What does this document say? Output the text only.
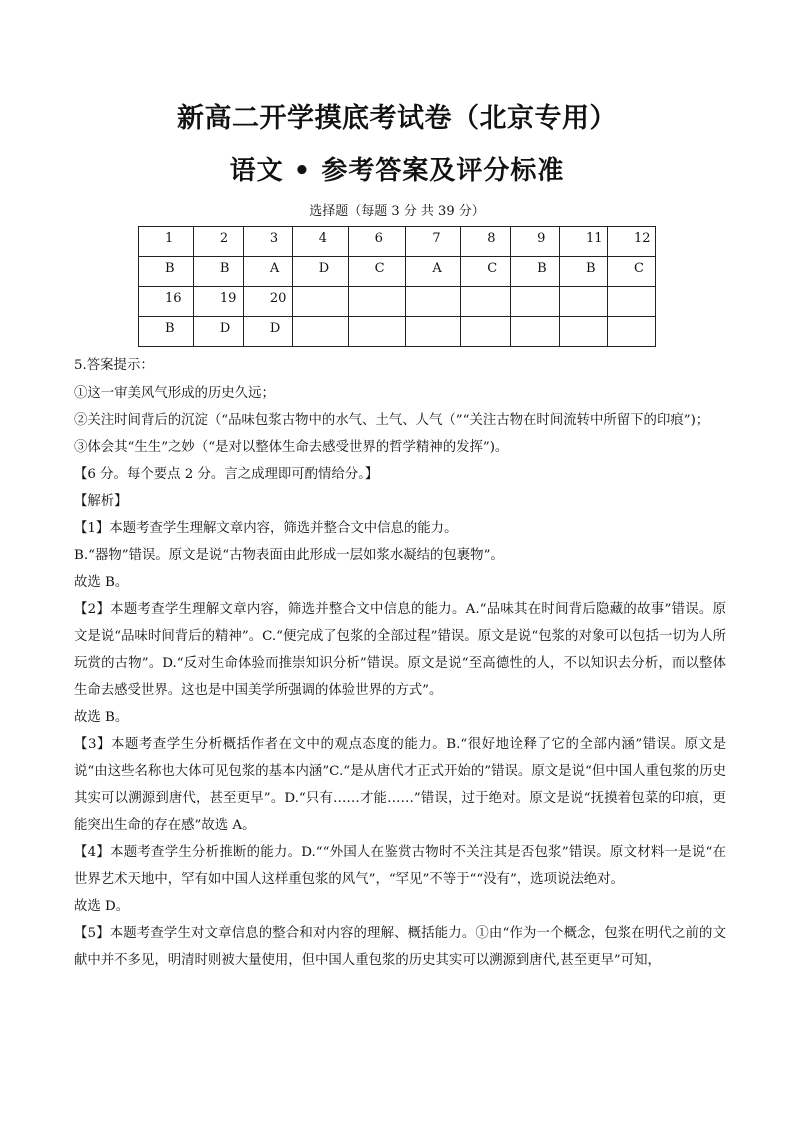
新高二开学摸底考试卷（北京专用）
语文 • 参考答案及评分标准
选择题（每题 3 分 共 39 分）
1	2	3	4	6	7	8	9	11	12
B	B	A	D	C	A	C	B	B	C
16	19	20							
B	D	D							

5.答案提示：

①这一审美风气形成的历史久远；

②关注时间背后的沉淀（“品味包浆古物中的水气、土气、人气（”“关注古物在时间流转中所留下的印痕”)；

③体会其“生生”之妙（“是对以整体生命去感受世界的哲学精神的发挥”)。

【6 分。每个要点 2 分。言之成理即可酌情给分。】

【解析】

【1】本题考查学生理解文章内容，筛选并整合文中信息的能力。

B.“器物”错误。原文是说“古物表面由此形成一层如浆水凝结的包裹物”。

故选 B。

【2】本题考查学生理解文章内容，筛选并整合文中信息的能力。A.“品味其在时间背后隐藏的故事”错误。原文是说“品味时间背后的精神”。C.“便完成了包浆的全部过程”错误。原文是说“包浆的对象可以包括一切为人所玩赏的古物”。D.“反对生命体验而推崇知识分析”错误。原文是说“至高德性的人，不以知识去分析，而以整体生命去感受世界。这也是中国美学所强调的体验世界的方式”。

故选 B。

【3】本题考查学生分析概括作者在文中的观点态度的能力。B.“很好地诠释了它的全部内涵”错误。原文是说“由这些名称也大体可见包浆的基本内涵”C.“是从唐代才正式开始的”错误。原文是说“但中国人重包浆的历史其实可以溯源到唐代，甚至更早”。D.“只有……才能……”错误，过于绝对。原文是说“抚摸着包菜的印痕，更能突出生命的存在感”故选 A。

【4】本题考查学生分析推断的能力。D.““外国人在鉴赏古物时不关注其是否包浆”错误。原文材料一是说“在世界艺术天地中，罕有如中国人这样重包浆的风气”，“罕见”不等于““没有”，选项说法绝对。

故选 D。

【5】本题考查学生对文章信息的整合和对内容的理解、概括能力。①由“作为一个概念，包浆在明代之前的文献中并不多见，明清时则被大量使用，但中国人重包浆的历史其实可以溯源到唐代,甚至更早”可知，
